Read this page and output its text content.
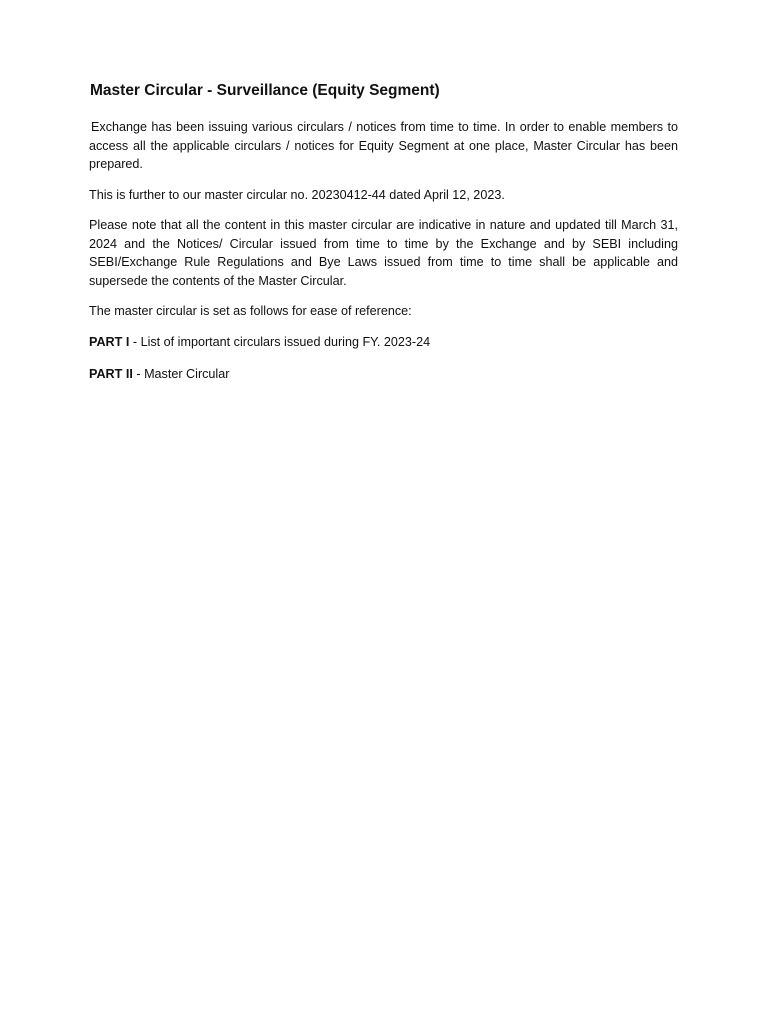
Master Circular - Surveillance (Equity Segment)

Exchange has been issuing various circulars / notices from time to time. In order to enable members to access all the applicable circulars / notices for Equity Segment at one place, Master Circular has been prepared.

This is further to our master circular no. 20230412-44 dated April 12, 2023.

Please note that all the content in this master circular are indicative in nature and updated till March 31, 2024 and the Notices/ Circular issued from time to time by the Exchange and by SEBI including SEBI/Exchange Rule Regulations and Bye Laws issued from time to time shall be applicable and supersede the contents of the Master Circular.

The master circular is set as follows for ease of reference:

PART I - List of important circulars issued during FY. 2023-24
PART II - Master Circular
